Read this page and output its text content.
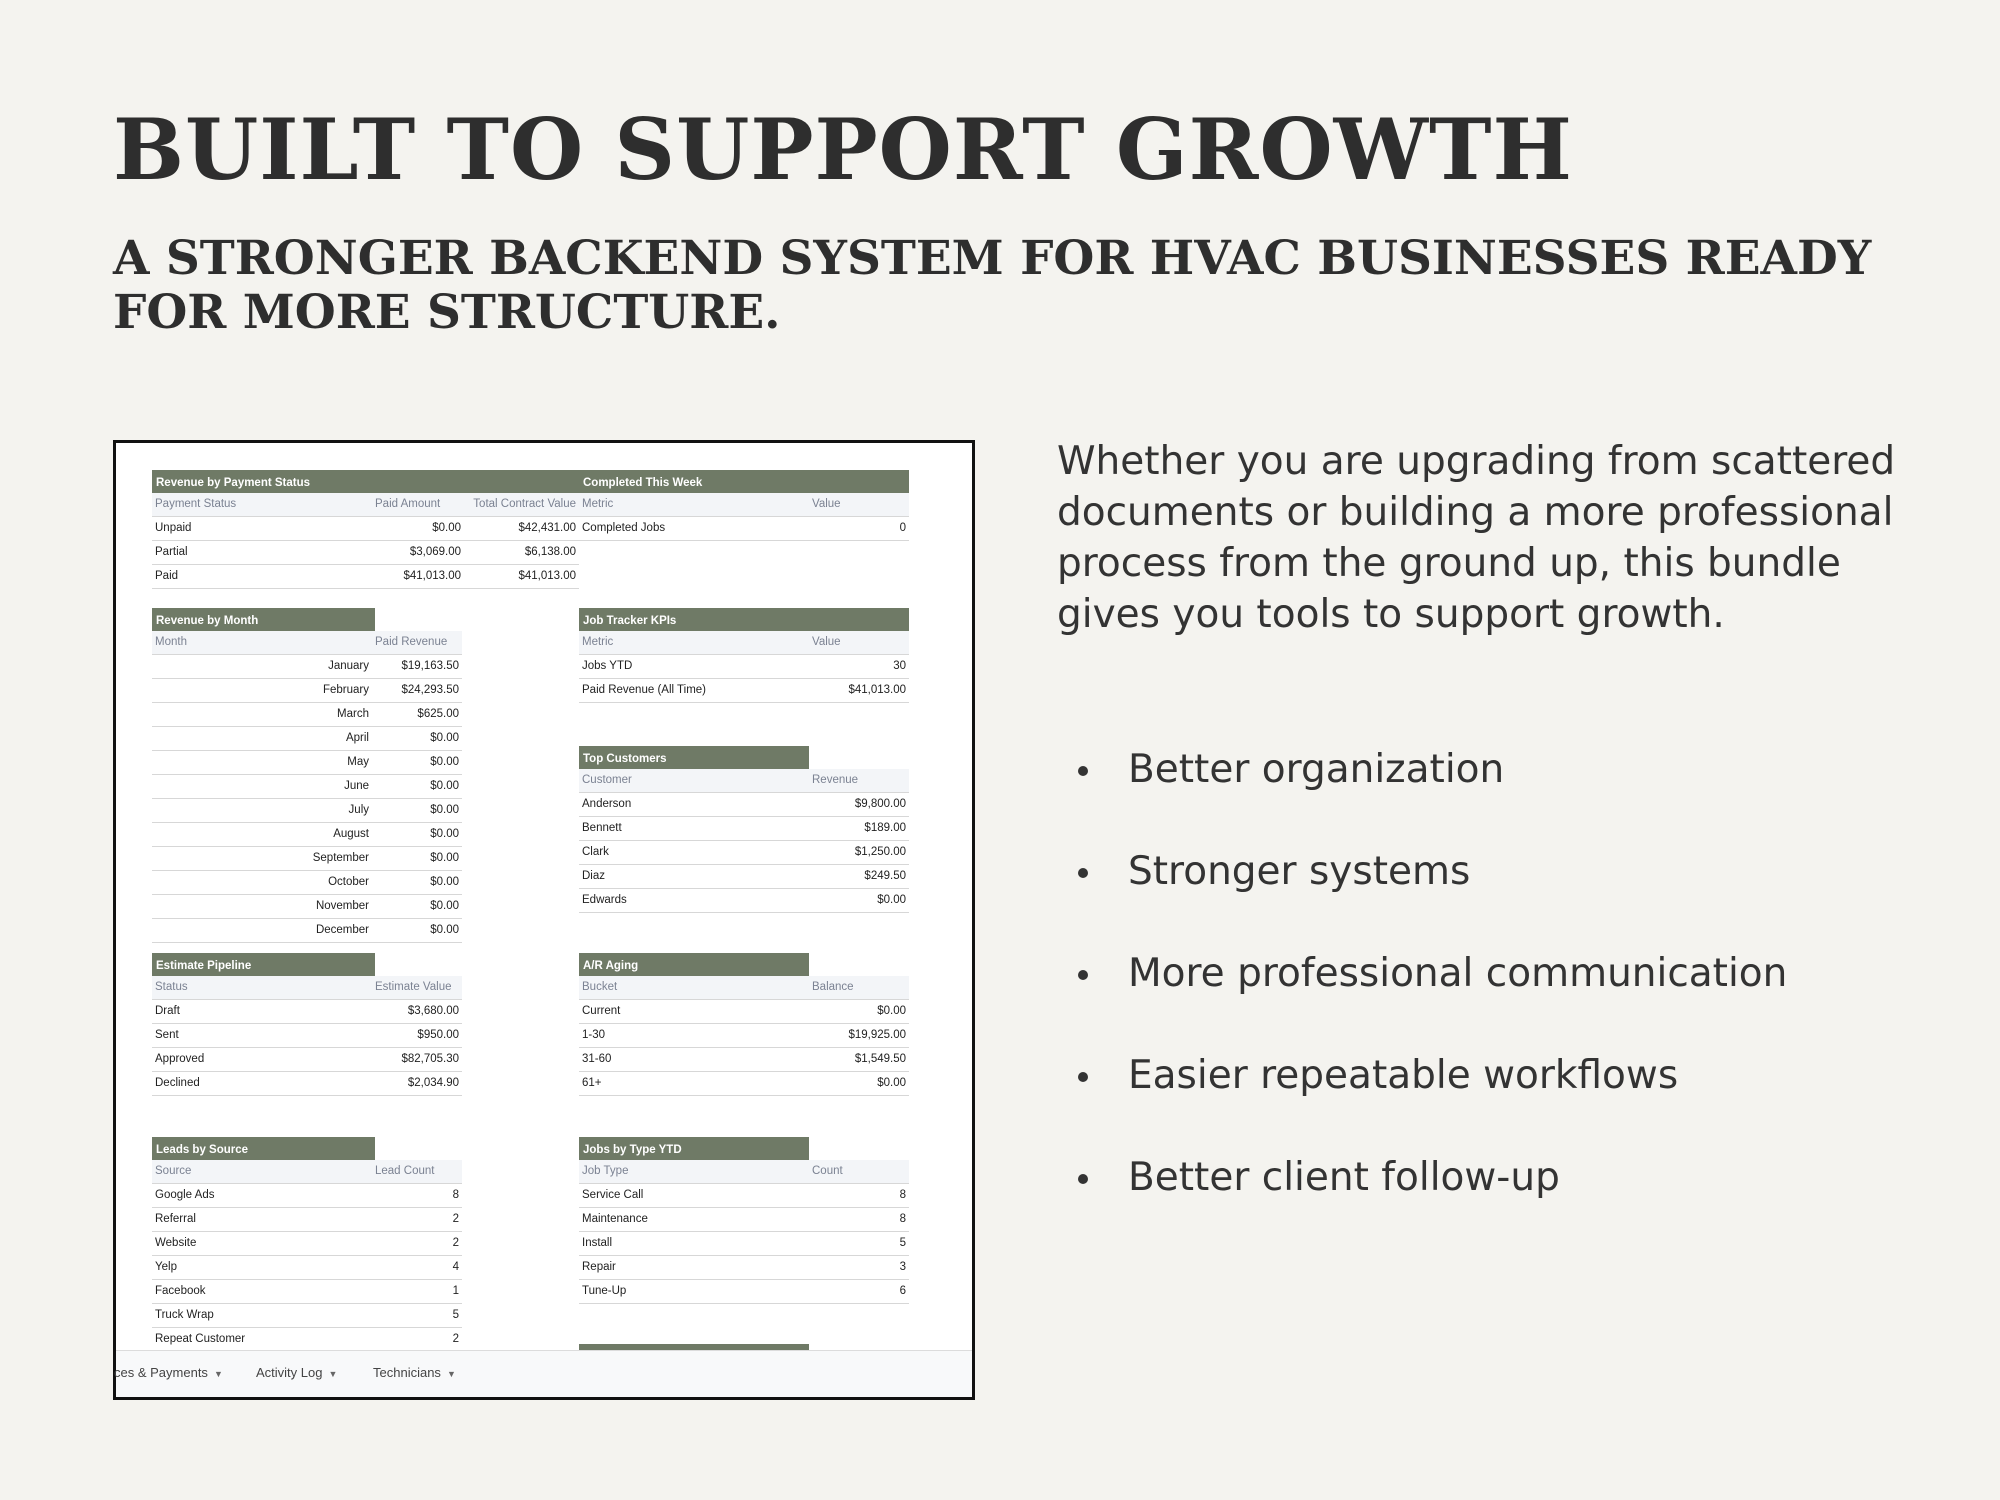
BUILT TO SUPPORT GROWTH
A STRONGER BACKEND SYSTEM FOR HVAC BUSINESSES READY FOR MORE STRUCTURE.
Revenue by Payment Status
Payment Status	Paid Amount	Total Contract Value
Unpaid	$0.00	$42,431.00
Partial	$3,069.00	$6,138.00
Paid	$41,013.00	$41,013.00
Completed This Week
Metric	Value
Completed Jobs	0
Revenue by Month
Month	Paid Revenue
January	$19,163.50
February	$24,293.50
March	$625.00
April	$0.00
May	$0.00
June	$0.00
July	$0.00
August	$0.00
September	$0.00
October	$0.00
November	$0.00
December	$0.00
Job Tracker KPIs
Metric	Value
Jobs YTD	30
Paid Revenue (All Time)	$41,013.00
Top Customers
Customer	Revenue
Anderson	$9,800.00
Bennett	$189.00
Clark	$1,250.00
Diaz	$249.50
Edwards	$0.00
Estimate Pipeline
Status	Estimate Value
Draft	$3,680.00
Sent	$950.00
Approved	$82,705.30
Declined	$2,034.90
A/R Aging
Bucket	Balance
Current	$0.00
1-30	$19,925.00
31-60	$1,549.50
61+	$0.00
Leads by Source
Source	Lead Count
Google Ads	8
Referral	2
Website	2
Yelp	4
Facebook	1
Truck Wrap	5
Repeat Customer	2
Jobs by Type YTD
Job Type	Count
Service Call	8
Maintenance	8
Install	5
Repair	3
Tune-Up	6
ces & Payments ▼	Activity Log ▼	Technicians ▼

Whether you are upgrading from scattered documents or building a more professional process from the ground up, this bundle gives you tools to support growth.

Better organization
Stronger systems
More professional communication
Easier repeatable workflows
Better client follow-up
